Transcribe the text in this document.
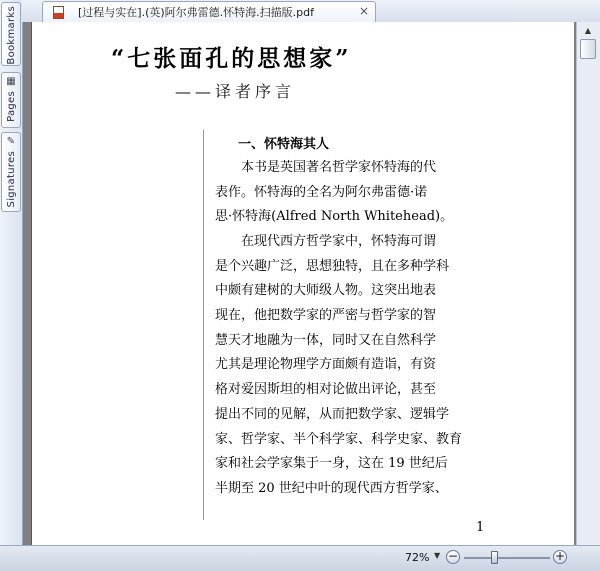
Bookmarks
▦
Pages
✎
Signatures
[过程与实在].(英)阿尔弗雷德.怀特海.扫描版.pdf	×
“七张面孔的思想家”
——译者序言
一、怀特海其人
　　本书是英国著名哲学家怀特海的代
表作。怀特海的全名为阿尔弗雷德·诺
思·怀特海(Alfred North Whitehead)。
　　在现代西方哲学家中，怀特海可谓
是个兴趣广泛，思想独特，且在多种学科
中颇有建树的大师级人物。这突出地表
现在，他把数学家的严密与哲学家的智
慧天才地融为一体，同时又在自然科学
尤其是理论物理学方面颇有造诣，有资
格对爱因斯坦的相对论做出评论，甚至
提出不同的见解，从而把数学家、逻辑学
家、哲学家、半个科学家、科学史家、教育
家和社会学家集于一身，这在 19 世纪后
半期至 20 世纪中叶的现代西方哲学家、
1
▲
72% ▼ −	+
